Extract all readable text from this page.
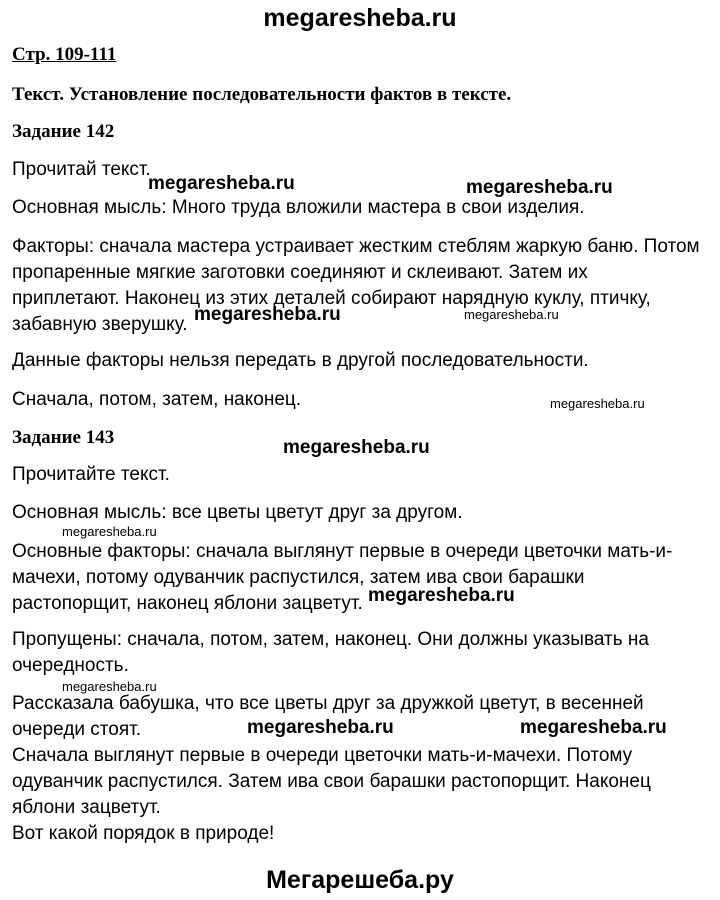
megaresheba.ru
Стр. 109-111
Текст. Установление последовательности фактов в тексте.
Задание 142
Прочитай текст.
Основная мысль: Много труда вложили мастера в свои изделия.
Факторы: сначала мастера устраивает жестким стеблям жаркую баню. Потом
пропаренные мягкие заготовки соединяют и склеивают. Затем их
приплетают. Наконец из этих деталей собирают нарядную куклу, птичку,
забавную зверушку.
Данные факторы нельзя передать в другой последовательности.
Сначала, потом, затем, наконец.
Задание 143
Прочитайте текст.
Основная мысль: все цветы цветут друг за другом.
Основные факторы: сначала выглянут первые в очереди цветочки мать-и-
мачехи, потому одуванчик распустился, затем ива свои барашки
растопорщит, наконец яблони зацветут.
Пропущены: сначала, потом, затем, наконец. Они должны указывать на
очередность.
Рассказала бабушка, что все цветы друг за дружкой цветут, в весенней
очереди стоят.
Сначала выглянут первые в очереди цветочки мать-и-мачехи. Потому
одуванчик распустился. Затем ива свои барашки растопорщит. Наконец
яблони зацветут.
Вот какой порядок в природе!
megaresheba.ru	megaresheba.ru
megaresheba.ru	megaresheba.ru
megaresheba.ru
megaresheba.ru
megaresheba.ru
megaresheba.ru
megaresheba.ru
megaresheba.ru	megaresheba.ru
Мегарешеба.ру
